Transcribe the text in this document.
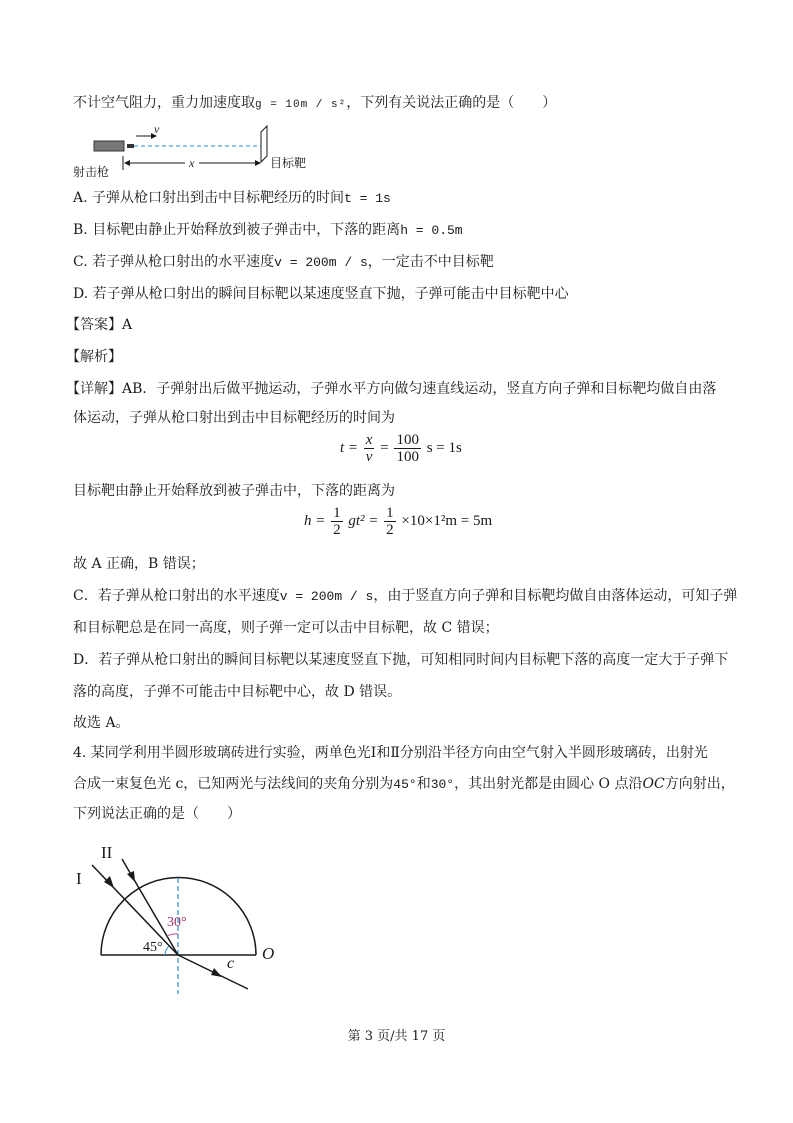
不计空气阻力，重力加速度取g = 10m / s²，下列有关说法正确的是（　　）
v
x
射击枪
目标靶
A. 子弹从枪口射出到击中目标靶经历的时间t = 1s
B. 目标靶由静止开始释放到被子弹击中，下落的距离h = 0.5m
C. 若子弹从枪口射出的水平速度v = 200m / s，一定击不中目标靶
D. 若子弹从枪口射出的瞬间目标靶以某速度竖直下抛，子弹可能击中目标靶中心
【答案】A
【解析】
【详解】AB．子弹射出后做平抛运动，子弹水平方向做匀速直线运动，竖直方向子弹和目标靶均做自由落
体运动，子弹从枪口射出到击中目标靶经历的时间为
$t = \frac{x}{v} = \frac{100}{100}$ s = 1s
目标靶由静止开始释放到被子弹击中，下落的距离为
$h = \frac{1}{2} gt^2 = \frac{1}{2} \times 10\times 1^2m = 5m$
故 A 正确，B 错误；
C．若子弹从枪口射出的水平速度v = 200m / s，由于竖直方向子弹和目标靶均做自由落体运动，可知子弹
和目标靶总是在同一高度，则子弹一定可以击中目标靶，故 C 错误；
D．若子弹从枪口射出的瞬间目标靶以某速度竖直下抛，可知相同时间内目标靶下落的高度一定大于子弹下
落的高度，子弹不可能击中目标靶中心，故 D 错误。
故选 A。
4. 某同学利用半圆形玻璃砖进行实验，两单色光Ⅰ和Ⅱ分别沿半径方向由空气射入半圆形玻璃砖，出射光
合成一束复色光 c，已知两光与法线间的夹角分别为45°和30°，其出射光都是由圆心 O 点沿OC方向射出，
下列说法正确的是（　　）
I
II
30°
45°
c
O
第 3 页/共 17 页
